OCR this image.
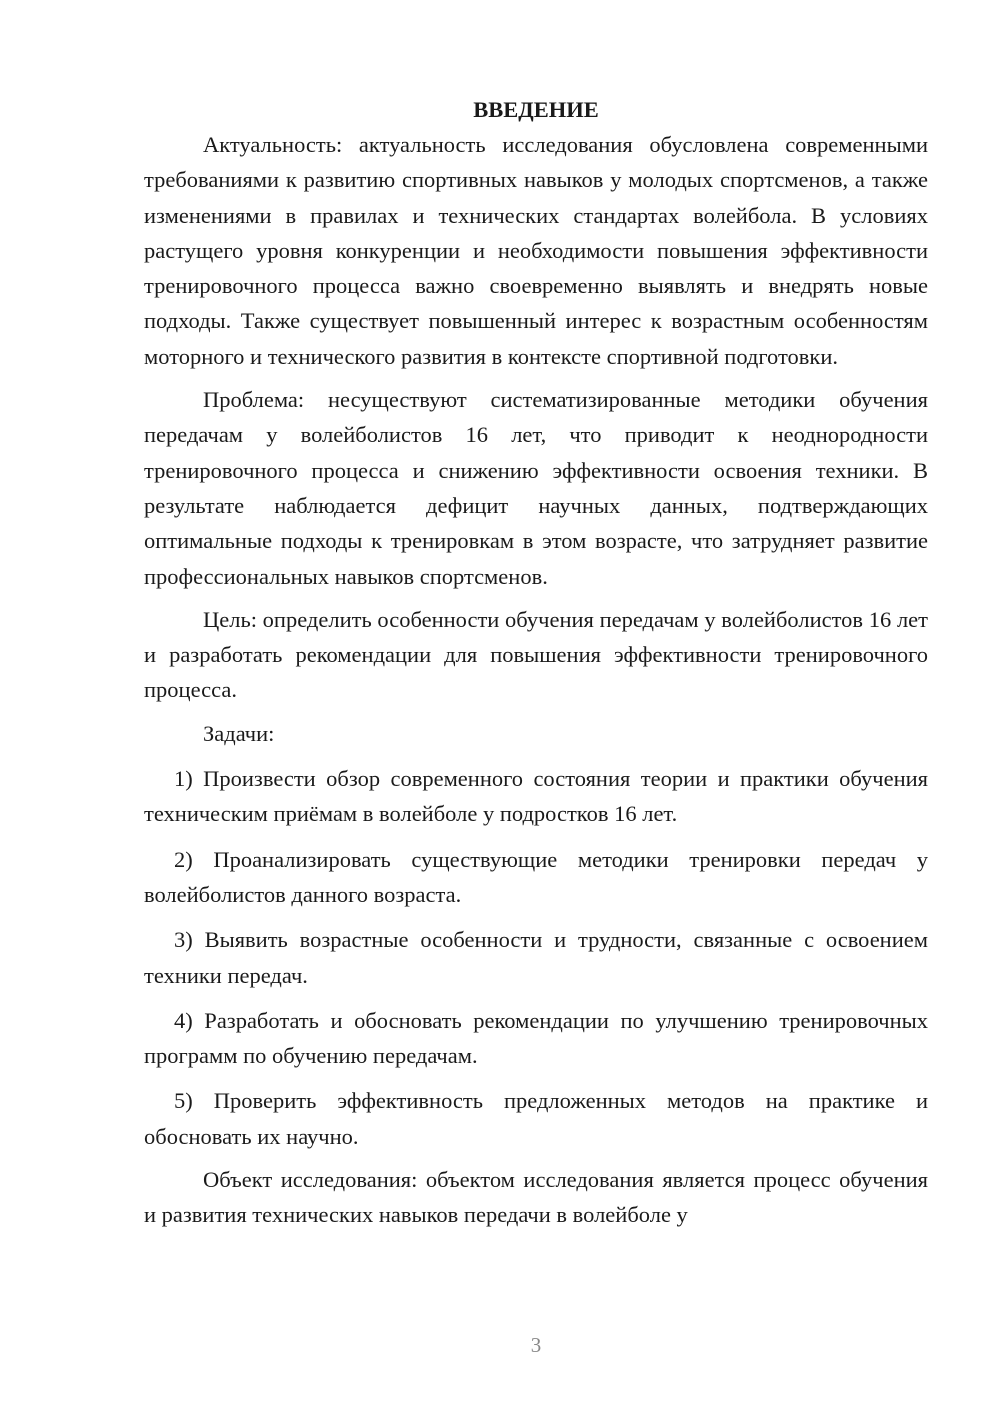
ВВЕДЕНИЕ

Актуальность: актуальность исследования обусловлена современными требованиями к развитию спортивных навыков у молодых спортсменов, а также изменениями в правилах и технических стандартах волейбола. В условиях растущего уровня конкуренции и необходимости повышения эффективности тренировочного процесса важно своевременно выявлять и внедрять новые подходы. Также существует повышенный интерес к возрастным особенностям моторного и технического развития в контексте спортивной подготовки.

Проблема: несуществуют систематизированные методики обучения передачам у волейболистов 16 лет, что приводит к неоднородности тренировочного процесса и снижению эффективности освоения техники. В результате наблюдается дефицит научных данных, подтверждающих оптимальные подходы к тренировкам в этом возрасте, что затрудняет развитие профессиональных навыков спортсменов.

Цель: определить особенности обучения передачам у волейболистов 16 лет и разработать рекомендации для повышения эффективности тренировочного процесса.

Задачи:

1) Произвести обзор современного состояния теории и практики обучения техническим приёмам в волейболе у подростков 16 лет.

2) Проанализировать существующие методики тренировки передач у волейболистов данного возраста.

3) Выявить возрастные особенности и трудности, связанные с освоением техники передач.

4) Разработать и обосновать рекомендации по улучшению тренировочных программ по обучению передачам.

5) Проверить эффективность предложенных методов на практике и обосновать их научно.

Объект исследования: объектом исследования является процесс обучения и развития технических навыков передачи в волейболе у

3
